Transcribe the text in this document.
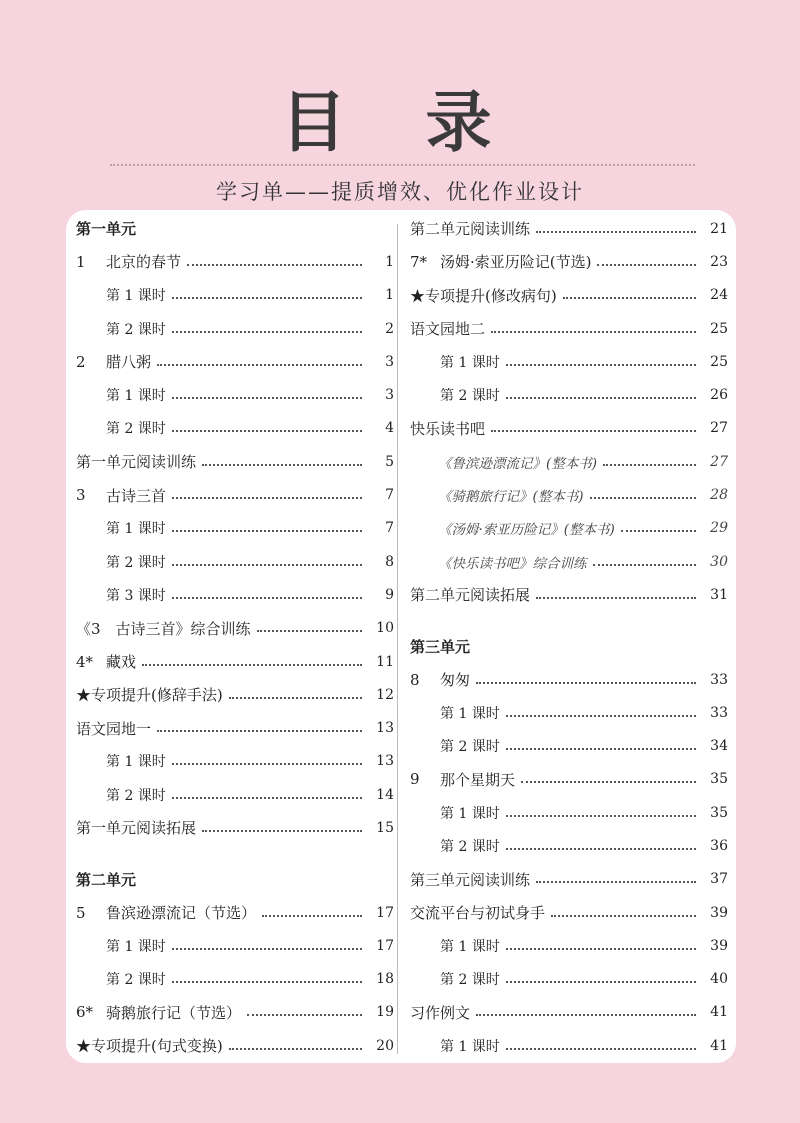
目 录
学习单——提质增效、优化作业设计
第一单元
1	北京的春节	1
第 1 课时	1
第 2 课时	2
2	腊八粥	3
第 1 课时	3
第 2 课时	4
第一单元阅读训练	5
3	古诗三首	7
第 1 课时	7
第 2 课时	8
第 3 课时	9
《3　古诗三首》综合训练	10
4* 藏戏	11
★专项提升(修辞手法)	12
语文园地一	13
第 1 课时	13
第 2 课时	14
第一单元阅读拓展	15
第二单元
5	鲁滨逊漂流记（节选）	17
第 1 课时	17
第 2 课时	18
6* 骑鹅旅行记（节选）	19
★专项提升(句式变换)	20
第二单元阅读训练	21
7* 汤姆·索亚历险记(节选)	23
★专项提升(修改病句)	24
语文园地二	25
第 1 课时	25
第 2 课时	26
快乐读书吧	27
《鲁滨逊漂流记》(整本书)	27
《骑鹅旅行记》(整本书)	28
《汤姆·索亚历险记》(整本书)	29
《快乐读书吧》综合训练	30
第二单元阅读拓展	31
第三单元
8	匆匆	33
第 1 课时	33
第 2 课时	34
9	那个星期天	35
第 1 课时	35
第 2 课时	36
第三单元阅读训练	37
交流平台与初试身手	39
第 1 课时	39
第 2 课时	40
习作例文	41
第 1 课时	41
